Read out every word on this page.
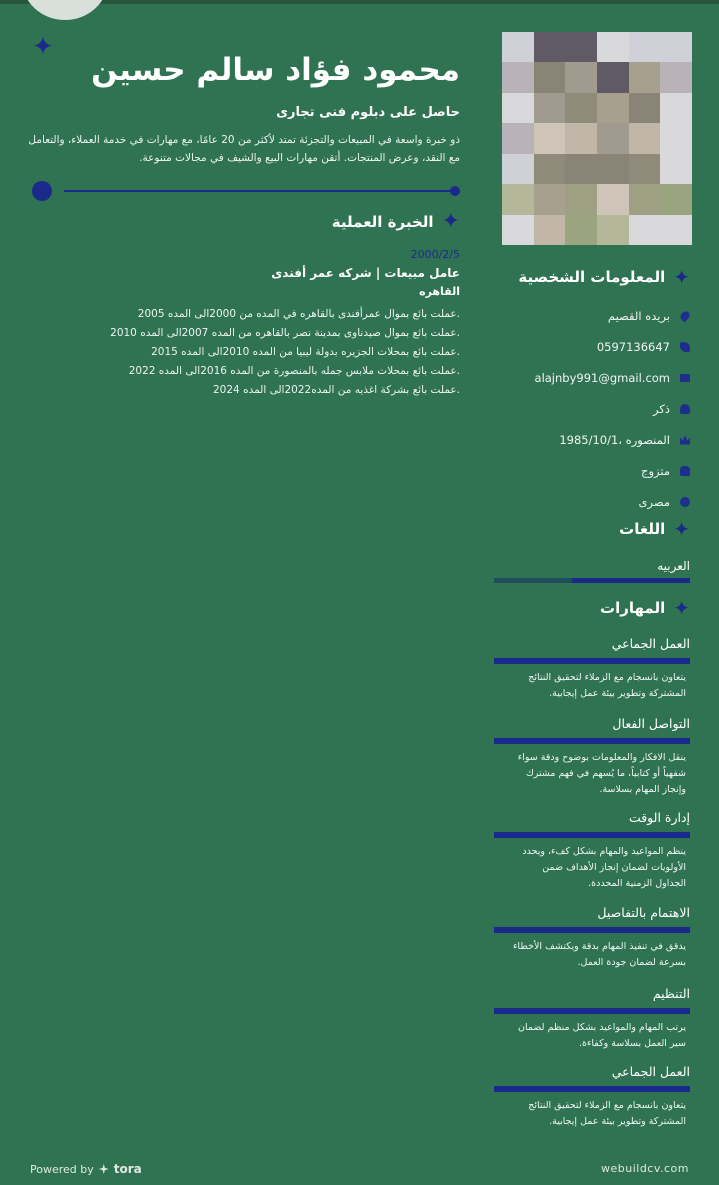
✦
محمود فؤاد سالم حسين
حاصل على دبلوم فنى تجارى
ذو خبرة واسعة في المبيعات والتجزئة تمتد لأكثر من 20 عامًا، مع مهارات في خدمة العملاء، والتعامل مع النقد، وعرض المنتجات. أتقن مهارات البيع والشيف في مجالات متنوعة.
الخبرة العملية ✦
2000/2/5
عامل مبيعات | شركه عمر أفندى
القاهره
.عملت بائع بموال عمرأفندى بالقاهره في المده من 2000الى المده 2005
.عملت بائع بموال صيدناوى بمدينة نصر بالقاهره من المده 2007الى المده 2010
.عملت بائع بمحلات الجزيره بدولة ليبيا من المده 2010الى المده 2015
.عملت بائع بمحلات ملابس جمله بالمنصورة من المده 2016الى المده 2022
.عملت بائع بشركة اغذيه من المده2022الى المده 2024
المعلومات الشخصية ✦
بريده القصيم
0597136647
alajnby991@gmail.com
ذكر
1985/10/1، المنصوره
متزوج
مصرى
اللغات ✦
العربيه
المهارات ✦
العمل الجماعي
يتعاون بانسجام مع الزملاء لتحقيق النتائج المشتركة وتطوير بيئة عمل إيجابية.
التواصل الفعال
ينقل الافكار والمعلومات بوضوح ودقة سواء شفهياً أو كتابياً، ما يُسهم في فهم مشترك وإنجاز المهام بسلاسة.
إدارة الوقت
ينظم المواعيد والمهام بشكل كفء، ويحدد الأولويات لضمان إنجاز الأهداف ضمن الجداول الزمنية المحددة.
الاهتمام بالتفاصيل
يدقق في تنفيذ المهام بدقة ويكتشف الأخطاء بسرعة لضمان جودة العمل.
التنظيم
يرتب المهام والمواعيد بشكل منظم لضمان سير العمل بسلاسة وكفاءة.
العمل الجماعي
يتعاون بانسجام مع الزملاء لتحقيق النتائج المشتركة وتطوير بيئة عمل إيجابية.
Powered by tora	webuildcv.com
